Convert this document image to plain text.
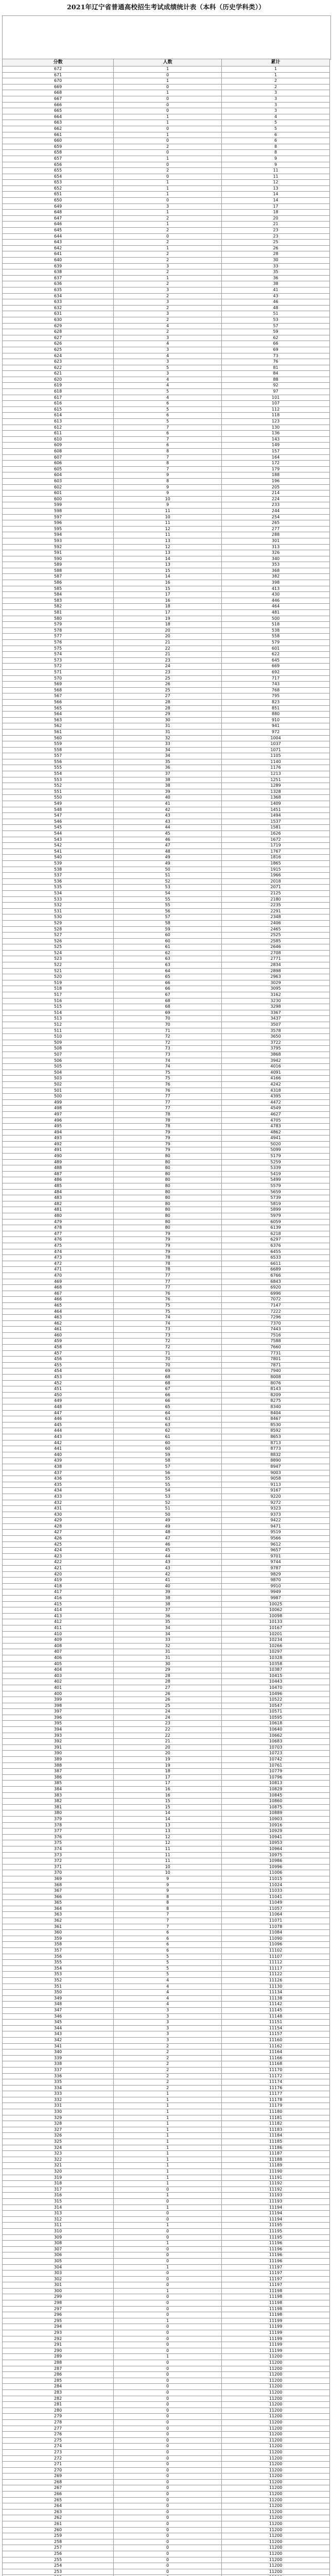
2021年辽宁省普通高校招生考试成绩统计表（本科（历史学科类））
分数	人数	累计
672	1	1
671	0	1
670	1	2
669	0	2
668	1	3
667	0	3
666	0	3
665	0	3
664	1	4
663	1	5
662	0	5
661	1	6
660	0	6
659	2	8
658	0	8
657	1	9
656	0	9
655	2	11
654	0	11
653	1	12
652	1	13
651	1	14
650	0	14
649	3	17
648	1	18
647	2	20
646	1	21
645	2	23
644	0	23
643	2	25
642	1	26
641	2	28
640	2	30
639	3	33
638	2	35
637	1	36
636	2	38
635	3	41
634	2	43
633	3	46
632	2	48
631	3	51
630	2	53
629	4	57
628	2	59
627	3	62
626	4	66
625	3	69
624	4	73
623	3	76
622	5	81
621	3	84
620	4	88
619	4	92
618	5	97
617	4	101
616	6	107
615	5	112
614	6	118
613	5	123
612	7	130
611	6	136
610	7	143
609	6	149
608	8	157
607	7	164
606	8	172
605	7	179
604	9	188
603	8	196
602	9	205
601	9	214
600	10	224
599	9	233
598	11	244
597	10	254
596	11	265
595	12	277
594	11	288
593	13	301
592	12	313
591	13	326
590	14	340
589	13	353
588	15	368
587	14	382
586	16	398
585	15	413
584	17	430
583	16	446
582	18	464
581	17	481
580	19	500
579	18	518
578	20	538
577	20	558
576	21	579
575	22	601
574	21	622
573	23	645
572	24	669
571	23	692
570	25	717
569	26	743
568	25	768
567	27	795
566	28	823
565	28	851
564	29	880
563	30	910
562	31	941
561	31	972
560	32	1004
559	33	1037
558	34	1071
557	34	1105
556	35	1140
555	36	1176
554	37	1213
553	38	1251
552	38	1289
551	39	1328
550	40	1368
549	41	1409
548	42	1451
547	43	1494
546	43	1537
545	44	1581
544	45	1626
543	46	1672
542	47	1719
541	48	1767
540	49	1816
539	49	1865
538	50	1915
537	51	1966
536	52	2018
535	53	2071
534	54	2125
533	55	2180
532	55	2235
531	56	2291
530	57	2348
529	58	2406
528	59	2465
527	60	2525
526	60	2585
525	61	2646
524	62	2708
523	63	2771
522	63	2834
521	64	2898
520	65	2963
519	66	3029
518	66	3095
517	67	3162
516	68	3230
515	68	3298
514	69	3367
513	70	3437
512	70	3507
511	71	3578
510	72	3650
509	72	3722
508	73	3795
507	73	3868
506	74	3942
505	74	4016
504	75	4091
503	75	4166
502	76	4242
501	76	4318
500	77	4395
499	77	4472
498	77	4549
497	78	4627
496	78	4705
495	78	4783
494	79	4862
493	79	4941
492	79	5020
491	79	5099
490	80	5179
489	80	5259
488	80	5339
487	80	5419
486	80	5499
485	80	5579
484	80	5659
483	80	5739
482	80	5819
481	80	5899
480	80	5979
479	80	6059
478	80	6139
477	79	6218
476	79	6297
475	79	6376
474	79	6455
473	78	6533
472	78	6611
471	78	6689
470	77	6766
469	77	6843
468	77	6920
467	76	6996
466	76	7072
465	75	7147
464	75	7222
463	74	7296
462	74	7370
461	73	7443
460	73	7516
459	72	7588
458	72	7660
457	71	7731
456	70	7801
455	70	7871
454	69	7940
453	68	8008
452	68	8076
451	67	8143
450	66	8209
449	66	8275
448	65	8340
447	64	8404
446	63	8467
445	63	8530
444	62	8592
443	61	8653
442	60	8713
441	60	8773
440	59	8832
439	58	8890
438	57	8947
437	56	9003
436	55	9058
435	55	9113
434	54	9167
433	53	9220
432	52	9272
431	51	9323
430	50	9373
429	49	9422
428	49	9471
427	48	9519
426	47	9566
425	46	9612
424	45	9657
423	44	9701
422	43	9744
421	43	9787
420	42	9829
419	41	9870
418	40	9910
417	39	9949
416	38	9987
415	38	10025
414	37	10062
413	36	10098
412	35	10133
411	34	10167
410	34	10201
409	33	10234
408	32	10266
407	31	10297
406	31	10328
405	30	10358
404	29	10387
403	28	10415
402	28	10443
401	27	10470
400	26	10496
399	26	10522
398	25	10547
397	24	10571
396	24	10595
395	23	10618
394	22	10640
393	22	10662
392	21	10683
391	20	10703
390	20	10723
389	19	10742
388	19	10761
387	18	10779
386	17	10796
385	17	10813
384	16	10829
383	16	10845
382	15	10860
381	15	10875
380	14	10889
379	14	10903
378	13	10916
377	13	10929
376	12	10941
375	12	10953
374	11	10964
373	11	10975
372	11	10986
371	10	10996
370	10	11006
369	9	11015
368	9	11024
367	9	11033
366	8	11041
365	8	11049
364	8	11057
363	7	11064
362	7	11071
361	7	11078
360	6	11084
359	6	11090
358	6	11096
357	6	11102
356	5	11107
355	5	11112
354	5	11117
353	5	11122
352	4	11126
351	4	11130
350	4	11134
349	4	11138
348	4	11142
347	3	11145
346	3	11148
345	3	11151
344	3	11154
343	3	11157
342	3	11160
341	2	11162
340	2	11164
339	2	11166
338	2	11168
337	2	11170
336	2	11172
335	2	11174
334	2	11176
333	1	11177
332	1	11178
331	1	11179
330	1	11180
329	1	11181
328	1	11182
327	1	11183
326	1	11184
325	1	11185
324	1	11186
323	1	11187
322	1	11188
321	1	11189
320	1	11190
319	1	11191
318	1	11192
317	0	11192
316	1	11193
315	0	11193
314	1	11194
313	0	11194
312	0	11194
311	1	11195
310	0	11195
309	0	11195
308	1	11196
307	0	11196
306	0	11196
305	0	11196
304	1	11197
303	0	11197
302	0	11197
301	0	11197
300	1	11198
299	0	11198
298	0	11198
297	0	11198
296	0	11198
295	1	11199
294	0	11199
293	0	11199
292	0	11199
291	0	11199
290	0	11199
289	1	11200
288	0	11200
287	0	11200
286	0	11200
285	0	11200
284	0	11200
283	0	11200
282	0	11200
281	0	11200
280	0	11200
279	0	11200
278	0	11200
277	0	11200
276	0	11200
275	0	11200
274	0	11200
273	0	11200
272	0	11200
271	0	11200
270	0	11200
269	0	11200
268	0	11200
267	0	11200
266	0	11200
265	0	11200
264	0	11200
263	0	11200
262	0	11200
261	0	11200
260	0	11200
259	0	11200
258	0	11200
257	0	11200
256	0	11200
255	0	11200
254	0	11200
253	0	11200
